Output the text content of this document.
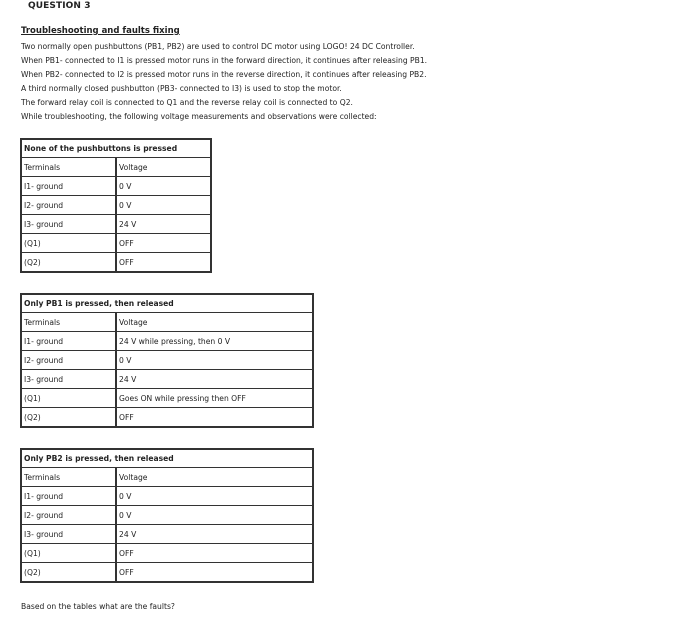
QUESTION 3
Troubleshooting and faults fixing
Two normally open pushbuttons (PB1, PB2) are used to control DC motor using LOGO! 24 DC Controller.
When PB1- connected to I1 is pressed motor runs in the forward direction, it continues after releasing PB1.
When PB2- connected to I2 is pressed motor runs in the reverse direction, it continues after releasing PB2.
A third normally closed pushbutton (PB3- connected to I3) is used to stop the motor.
The forward relay coil is connected to Q1 and the reverse relay coil is connected to Q2.
While troubleshooting, the following voltage measurements and observations were collected:
None of the pushbuttons is pressed	
Terminals	Voltage
I1- ground	0 V
I2- ground	0 V
I3- ground	24 V
(Q1)	OFF
(Q2)	OFF
Only PB1 is pressed, then released	
Terminals	Voltage
I1- ground	24 V while pressing, then 0 V
I2- ground	0 V
I3- ground	24 V
(Q1)	Goes ON while pressing then OFF
(Q2)	OFF
Only PB2 is pressed, then released	
Terminals	Voltage
I1- ground	0 V
I2- ground	0 V
I3- ground	24 V
(Q1)	OFF
(Q2)	OFF
Based on the tables what are the faults?
